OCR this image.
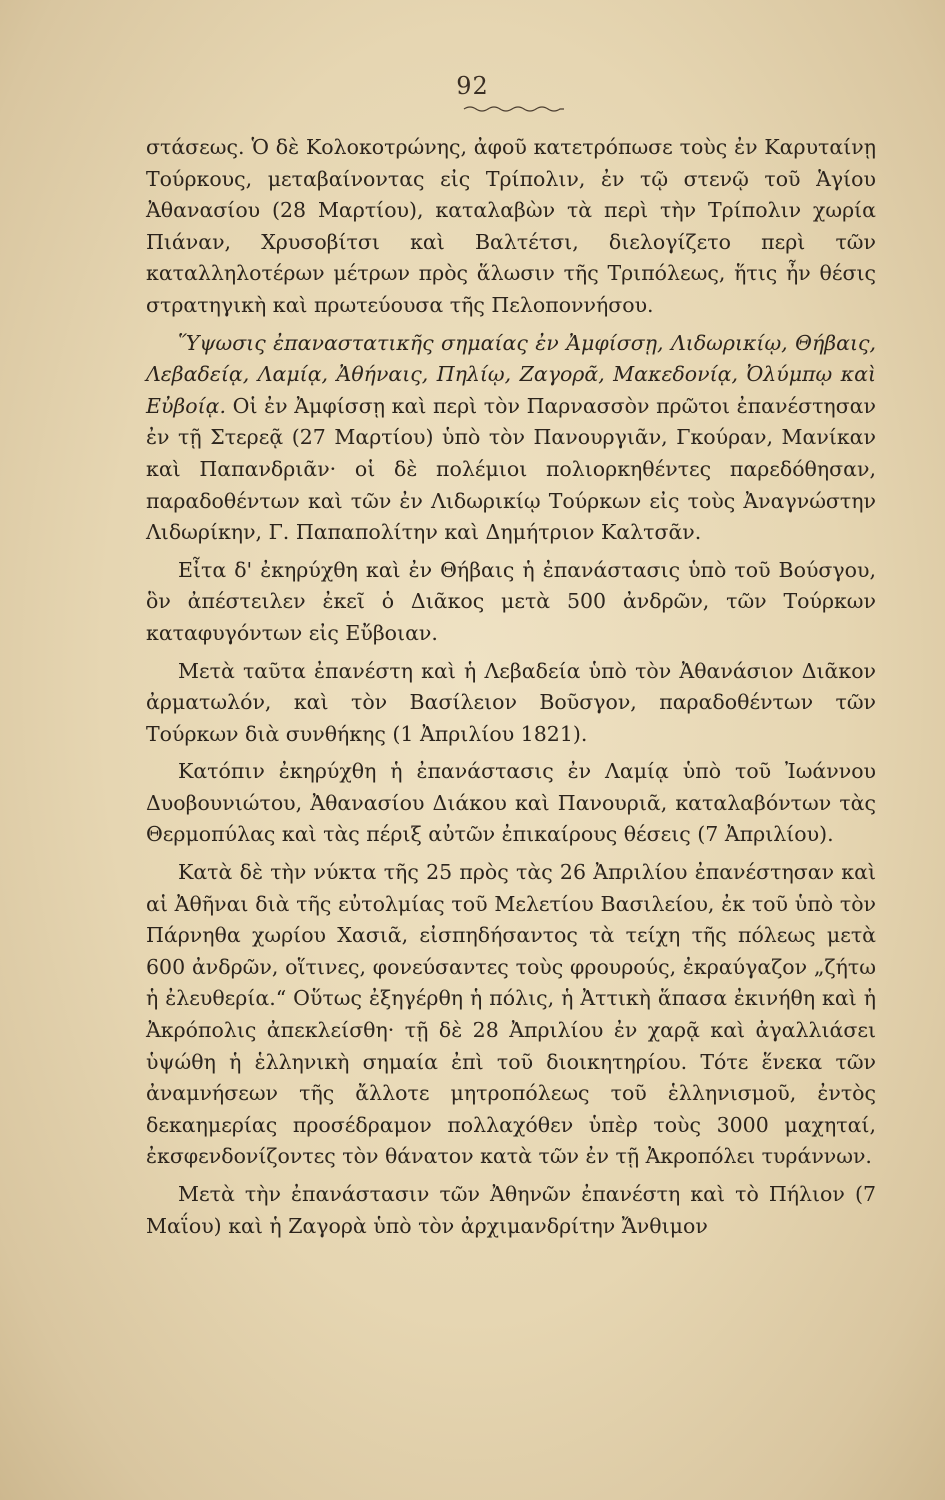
92

στάσεως. Ὁ δὲ Κολοκοτρώνης, ἀφοῦ κατετρόπωσε τοὺς ἐν Καρυταίνῃ Τούρκους, μεταβαίνοντας εἰς Τρίπολιν, ἐν τῷ στενῷ τοῦ Ἁγίου Ἀθανασίου (28 Μαρτίου), καταλαβὼν τὰ περὶ τὴν Τρίπολιν χωρία Πιάναν, Χρυσοβίτσι καὶ Βαλτέτσι, διελογίζετο περὶ τῶν καταλληλοτέρων μέτρων πρὸς ἅλωσιν τῆς Τριπόλεως, ἥτις ἦν θέσις στρατηγικὴ καὶ πρωτεύουσα τῆς Πελοποννήσου.

Ὕψωσις ἐπαναστατικῆς σημαίας ἐν Ἀμφίσσῃ, Λιδωρικίῳ, Θήβαις, Λεβαδείᾳ, Λαμίᾳ, Ἀθήναις, Πηλίῳ, Ζαγορᾶ, Μακεδονίᾳ, Ὀλύμπῳ καὶ Εὐβοίᾳ. Οἱ ἐν Ἀμφίσσῃ καὶ περὶ τὸν Παρνασσὸν πρῶτοι ἐπανέστησαν ἐν τῇ Στερεᾷ (27 Μαρτίου) ὑπὸ τὸν Πανουργιᾶν, Γκούραν, Μανίκαν καὶ Παπανδριᾶν· οἱ δὲ πολέμιοι πολιορκηθέντες παρεδόθησαν, παραδοθέντων καὶ τῶν ἐν Λιδωρικίῳ Τούρκων εἰς τοὺς Ἀναγνώστην Λιδωρίκην, Γ. Παπαπολίτην καὶ Δημήτριον Καλτσᾶν.

Εἶτα δ' ἐκηρύχθη καὶ ἐν Θήβαις ἡ ἐπανάστασις ὑπὸ τοῦ Βούσγου, ὃν ἀπέστειλεν ἐκεῖ ὁ Διᾶκος μετὰ 500 ἀνδρῶν, τῶν Τούρκων καταφυγόντων εἰς Εὔβοιαν.

Μετὰ ταῦτα ἐπανέστη καὶ ἡ Λεβαδεία ὑπὸ τὸν Ἀθανάσιον Διᾶκον ἀρματωλόν, καὶ τὸν Βασίλειον Βοῦσγον, παραδοθέντων τῶν Τούρκων διὰ συνθήκης (1 Ἀπριλίου 1821).

Κατόπιν ἐκηρύχθη ἡ ἐπανάστασις ἐν Λαμίᾳ ὑπὸ τοῦ Ἰωάννου Δυοβουνιώτου, Ἀθανασίου Διάκου καὶ Πανουριᾶ, καταλαβόντων τὰς Θερμοπύλας καὶ τὰς πέριξ αὐτῶν ἐπικαίρους θέσεις (7 Ἀπριλίου).

Κατὰ δὲ τὴν νύκτα τῆς 25 πρὸς τὰς 26 Ἀπριλίου ἐπανέστησαν καὶ αἱ Ἀθῆναι διὰ τῆς εὐτολμίας τοῦ Μελετίου Βασιλείου, ἐκ τοῦ ὑπὸ τὸν Πάρνηθα χωρίου Χασιᾶ, εἰσπηδήσαντος τὰ τείχη τῆς πόλεως μετὰ 600 ἀνδρῶν, οἵτινες, φονεύσαντες τοὺς φρουρούς, ἐκραύγαζον „ζήτω ἡ ἐλευθερία.“ Οὕτως ἐξηγέρθη ἡ πόλις, ἡ Ἀττικὴ ἅπασα ἐκινήθη καὶ ἡ Ἀκρόπολις ἀπεκλείσθη· τῇ δὲ 28 Ἀπριλίου ἐν χαρᾷ καὶ ἀγαλλιάσει ὑψώθη ἡ ἑλληνικὴ σημαία ἐπὶ τοῦ διοικητηρίου. Τότε ἕνεκα τῶν ἀναμνήσεων τῆς ἄλλοτε μητροπόλεως τοῦ ἑλληνισμοῦ, ἐντὸς δεκαημερίας προσέδραμον πολλαχόθεν ὑπὲρ τοὺς 3000 μαχηταί, ἐκσφενδονίζοντες τὸν θάνατον κατὰ τῶν ἐν τῇ Ἀκροπόλει τυράννων.

Μετὰ τὴν ἐπανάστασιν τῶν Ἀθηνῶν ἐπανέστη καὶ τὸ Πήλιον (7 Μαΐου) καὶ ἡ Ζαγορὰ ὑπὸ τὸν ἀρχιμανδρίτην Ἄνθιμον
